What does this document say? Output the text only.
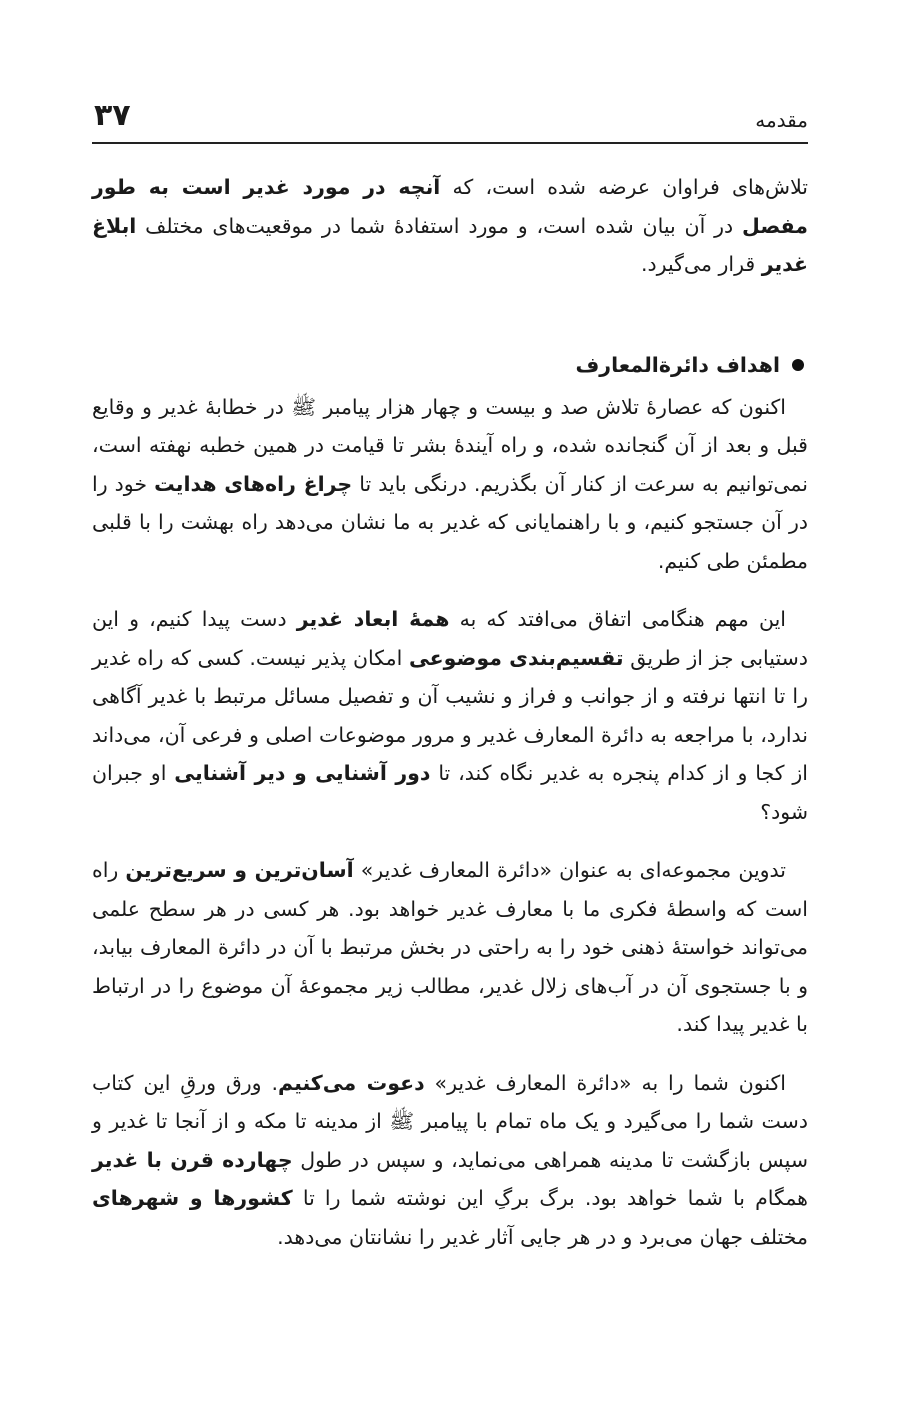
مقدمه
۳۷

تلاش‌های فراوان عرضه شده است، که آنچه در مورد غدیر است به طور مفصل در آن بیان شده است، و مورد استفادۀ شما در موقعیت‌های مختلف ابلاغ غدیر قرار می‌گیرد.

اهداف دائرةالمعارف

اکنون که عصارۀ تلاش صد و بیست و چهار هزار پیامبر ﷺ در خطابۀ غدیر و وقایع قبل و بعد از آن گنجانده شده، و راه آیندۀ بشر تا قیامت در همین خطبه نهفته است، نمی‌توانیم به سرعت از کنار آن بگذریم. درنگی باید تا چراغ راه‌های هدایت خود را در آن جستجو کنیم، و با راهنمایانی که غدیر به ما نشان می‌دهد راه بهشت را با قلبی مطمئن طی کنیم.

این مهم هنگامی اتفاق می‌افتد که به همۀ ابعاد غدیر دست پیدا کنیم، و این دستیابی جز از طریق تقسیم‌بندی موضوعی امکان پذیر نیست. کسی که راه غدیر را تا انتها نرفته و از جوانب و فراز و نشیب آن و تفصیل مسائل مرتبط با غدیر آگاهی ندارد، با مراجعه به دائرة المعارف غدیر و مرور موضوعات اصلی و فرعی آن، می‌داند از کجا و از کدام پنجره به غدیر نگاه کند، تا دور آشنایی و دیر آشنایی او جبران شود؟

تدوین مجموعه‌ای به عنوان «دائرة المعارف غدیر» آسان‌ترین و سریع‌ترین راه است که واسطۀ فکری ما با معارف غدیر خواهد بود. هر کسی در هر سطح علمی می‌تواند خواستۀ ذهنی خود را به راحتی در بخش مرتبط با آن در دائرة المعارف بیابد، و با جستجوی آن در آب‌های زلال غدیر، مطالب زیر مجموعۀ آن موضوع را در ارتباط با غدیر پیدا کند.

اکنون شما را به «دائرة المعارف غدیر» دعوت می‌کنیم. ورق ورقِ این کتاب دست شما را می‌گیرد و یک ماه تمام با پیامبر ﷺ از مدینه تا مکه و از آنجا تا غدیر و سپس بازگشت تا مدینه همراهی می‌نماید، و سپس در طول چهارده قرن با غدیر همگام با شما خواهد بود. برگ برگِ این نوشته شما را تا کشورها و شهرهای مختلف جهان می‌برد و در هر جایی آثار غدیر را نشانتان می‌دهد.
